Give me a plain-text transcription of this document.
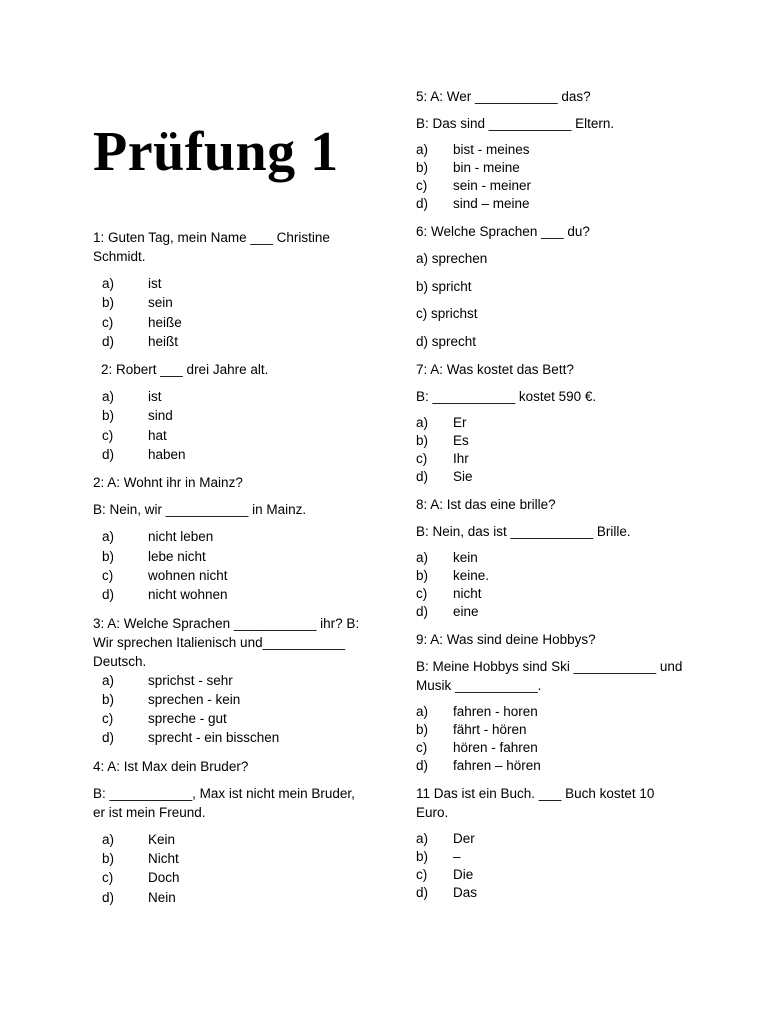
Prüfung 1

1: Guten Tag, mein Name ___ Christine Schmidt.

a)	ist
b)	sein
c)	heiße
d)	heißt

2: Robert ___ drei Jahre alt.

a)	ist
b)	sind
c)	hat
d)	haben

2: A: Wohnt ihr in Mainz?

B: Nein, wir ___________ in Mainz.

a)	nicht leben
b)	lebe nicht
c)	wohnen nicht
d)	nicht wohnen

3: A: Welche Sprachen ___________ ihr? B: Wir sprechen Italienisch und___________ Deutsch.

a)	sprichst - sehr
b)	sprechen - kein
c)	spreche - gut
d)	sprecht - ein bisschen

4: A: Ist Max dein Bruder?

B: ___________, Max ist nicht mein Bruder, er ist mein Freund.

a)	Kein
b)	Nicht
c)	Doch
d)	Nein

5: A: Wer ___________ das?

B: Das sind ___________ Eltern.

a)	bist - meines
b)	bin - meine
c)	sein - meiner
d)	sind – meine

6: Welche Sprachen ___ du?

a) sprechen
b) spricht
c) sprichst
d) sprecht

7: A: Was kostet das Bett?

B: ___________ kostet 590 €.

a)	Er
b)	Es
c)	Ihr
d)	Sie

8: A: Ist das eine brille?

B: Nein, das ist ___________ Brille.

a)	kein
b)	keine.
c)	nicht
d)	eine

9: A: Was sind deine Hobbys?

B: Meine Hobbys sind Ski ___________ und Musik ___________.

a)	fahren - horen
b)	fährt - hören
c)	hören - fahren
d)	fahren – hören

11 Das ist ein Buch. ___ Buch kostet 10 Euro.

a)	Der
b)	–
c)	Die
d)	Das
